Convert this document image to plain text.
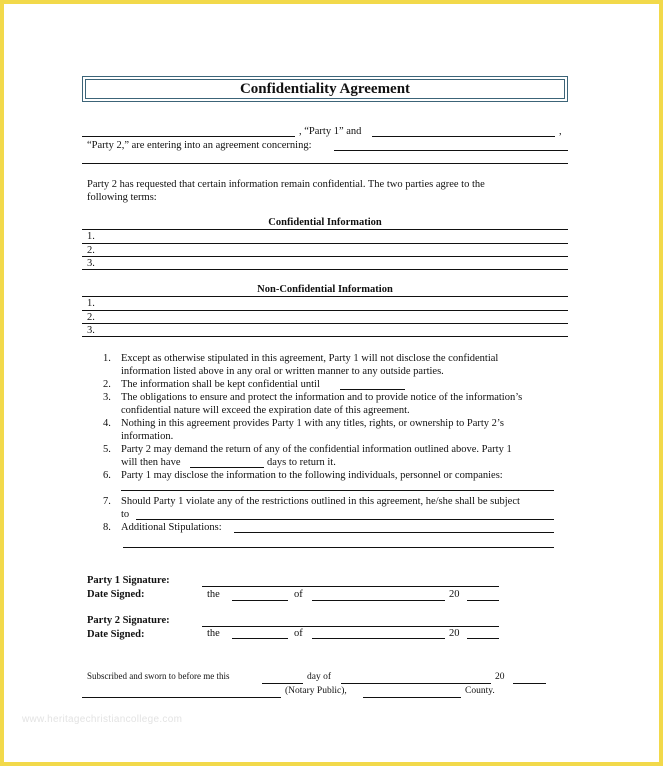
Confidentiality Agreement
, “Party 1” and	,
“Party 2,” are entering into an agreement concerning:
Party 2 has requested that certain information remain confidential. The two parties agree to the
following terms:
Confidential Information
1.
2.
3.
Non-Confidential Information
1.
2.
3.
1. Except as otherwise stipulated in this agreement, Party 1 will not disclose the confidential
information listed above in any oral or written manner to any outside parties.
2. The information shall be kept confidential until
3. The obligations to ensure and protect the information and to provide notice of the information’s
confidential nature will exceed the expiration date of this agreement.
4. Nothing in this agreement provides Party 1 with any titles, rights, or ownership to Party 2’s
information.
5. Party 2 may demand the return of any of the confidential information outlined above. Party 1
will then have	days to return it.
6. Party 1 may disclose the information to the following individuals, personnel or companies:
7. Should Party 1 violate any of the restrictions outlined in this agreement, he/she shall be subject
to
8. Additional Stipulations:
Party 1 Signature:
Date Signed:	the	of	20
Party 2 Signature:
Date Signed:	the	of	20
Subscribed and sworn to before me this	day of	20
(Notary Public),	County.
www.heritagechristiancollege.com
